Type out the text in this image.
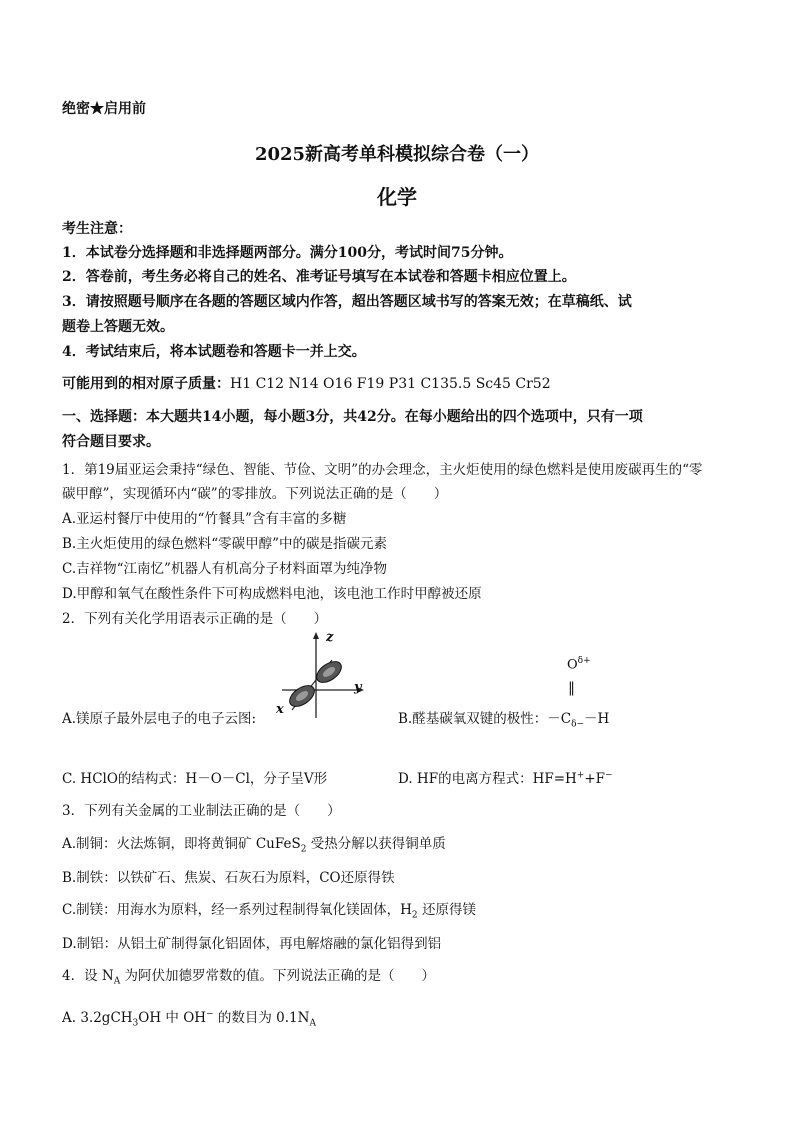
绝密★启用前
2025新高考单科模拟综合卷（一）
化学
考生注意：
1．本试卷分选择题和非选择题两部分。满分100分，考试时间75分钟。
2．答卷前，考生务必将自己的姓名、准考证号填写在本试卷和答题卡相应位置上。
3．请按照题号顺序在各题的答题区域内作答，超出答题区域书写的答案无效；在草稿纸、试
题卷上答题无效。
4．考试结束后，将本试题卷和答题卡一并上交。
可能用到的相对原子质量：H1 C12 N14 O16 F19 P31 C135.5 Sc45 Cr52
一、选择题：本大题共14小题，每小题3分，共42分。在每小题给出的四个选项中，只有一项
符合题目要求。
1．第19届亚运会秉持“绿色、智能、节俭、文明”的办会理念，主火炬使用的绿色燃料是使用废碳再生的“零
碳甲醇”，实现循环内“碳”的零排放。下列说法正确的是（　　）
A.亚运村餐厅中使用的“竹餐具”含有丰富的多糖
B.主火炬使用的绿色燃料“零碳甲醇”中的碳是指碳元素
C.吉祥物“江南忆”机器人有机高分子材料面罩为纯净物
D.甲醇和氧气在酸性条件下可构成燃料电池，该电池工作时甲醇被还原
2．下列有关化学用语表示正确的是（　　）
z
y
x
A.镁原子最外层电子的电子云图:
$O^{\delta+}$
‖
B.醛基碳氧双键的极性：$-C_{\delta-}-H$
C. HClO的结构式：H－O－Cl，分子呈V形	D. HF的电离方程式：HF=H++F−
3．下列有关金属的工业制法正确的是（　　）
A.制铜：火法炼铜，即将黄铜矿 CuFeS$_2$ 受热分解以获得铜单质
B.制铁：以铁矿石、焦炭、石灰石为原料，CO还原得铁
C.制镁：用海水为原料，经一系列过程制得氧化镁固体，$H_2$ 还原得镁
D.制铝：从铝土矿制得氯化铝固体，再电解熔融的氯化铝得到铝
4．设 $N_A$ 为阿伏加德罗常数的值。下列说法正确的是（　　）
A. 3.2gCH$_3$OH 中 OH− 的数目为 $0.1N_A$
